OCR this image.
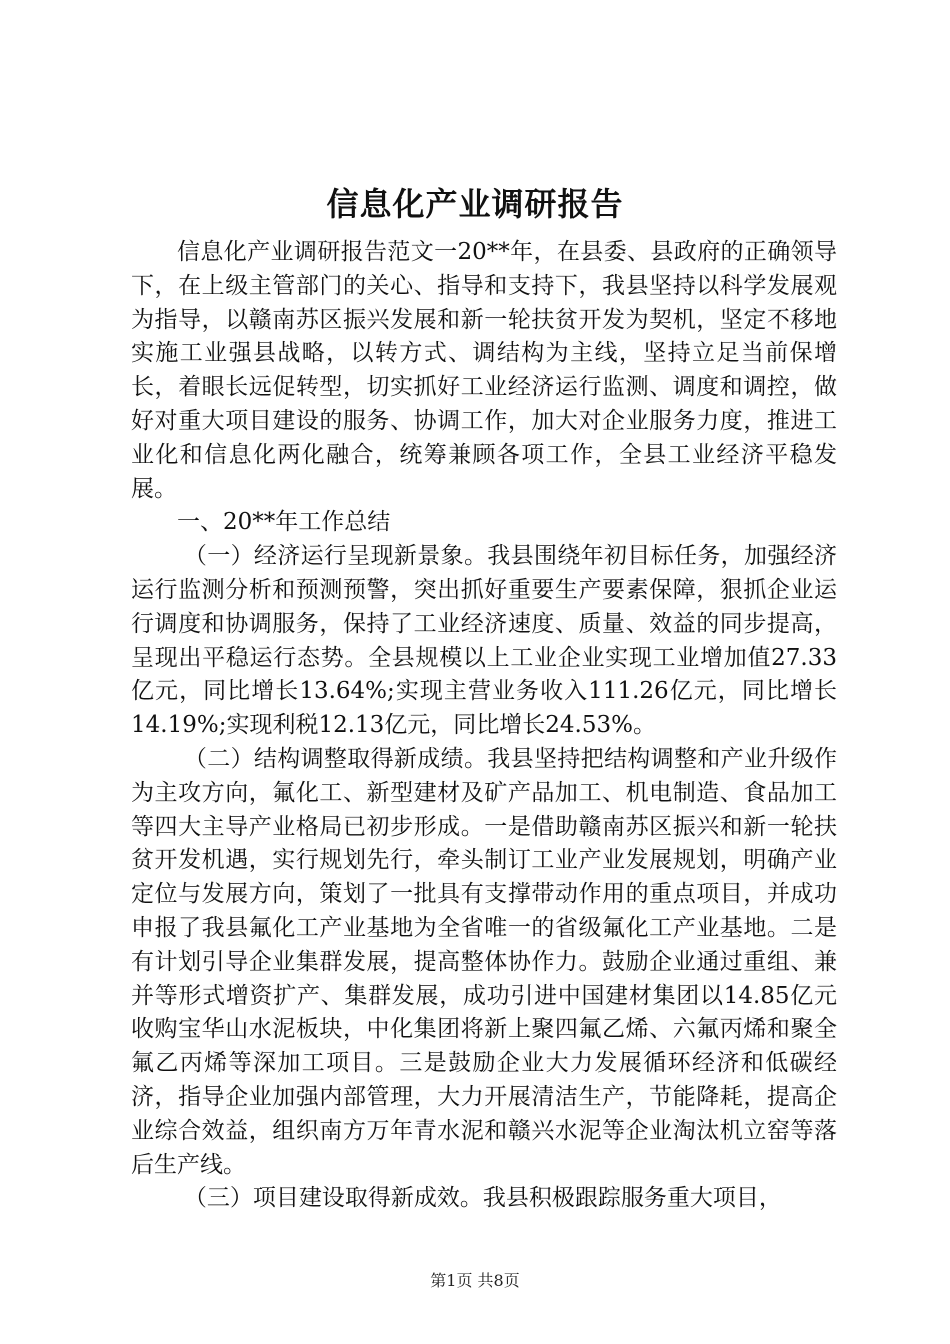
信息化产业调研报告

信息化产业调研报告范文一20**年，在县委、县政府的正确领导下，在上级主管部门的关心、指导和支持下，我县坚持以科学发展观为指导，以赣南苏区振兴发展和新一轮扶贫开发为契机，坚定不移地实施工业强县战略，以转方式、调结构为主线，坚持立足当前保增长，着眼长远促转型，切实抓好工业经济运行监测、调度和调控，做好对重大项目建设的服务、协调工作，加大对企业服务力度，推进工业化和信息化两化融合，统筹兼顾各项工作，全县工业经济平稳发展。

一、20**年工作总结

（一）经济运行呈现新景象。我县围绕年初目标任务，加强经济运行监测分析和预测预警，突出抓好重要生产要素保障，狠抓企业运行调度和协调服务，保持了工业经济速度、质量、效益的同步提高，呈现出平稳运行态势。全县规模以上工业企业实现工业增加值27.33亿元，同比增长13.64%;实现主营业务收入111.26亿元，同比增长14.19%;实现利税12.13亿元，同比增长24.53%。

（二）结构调整取得新成绩。我县坚持把结构调整和产业升级作为主攻方向，氟化工、新型建材及矿产品加工、机电制造、食品加工等四大主导产业格局已初步形成。一是借助赣南苏区振兴和新一轮扶贫开发机遇，实行规划先行，牵头制订工业产业发展规划，明确产业定位与发展方向，策划了一批具有支撑带动作用的重点项目，并成功申报了我县氟化工产业基地为全省唯一的省级氟化工产业基地。二是有计划引导企业集群发展，提高整体协作力。鼓励企业通过重组、兼并等形式增资扩产、集群发展，成功引进中国建材集团以14.85亿元收购宝华山水泥板块，中化集团将新上聚四氟乙烯、六氟丙烯和聚全氟乙丙烯等深加工项目。三是鼓励企业大力发展循环经济和低碳经济，指导企业加强内部管理，大力开展清洁生产，节能降耗，提高企业综合效益，组织南方万年青水泥和赣兴水泥等企业淘汰机立窑等落后生产线。

（三）项目建设取得新成效。我县积极跟踪服务重大项目，

第1页 共8页
